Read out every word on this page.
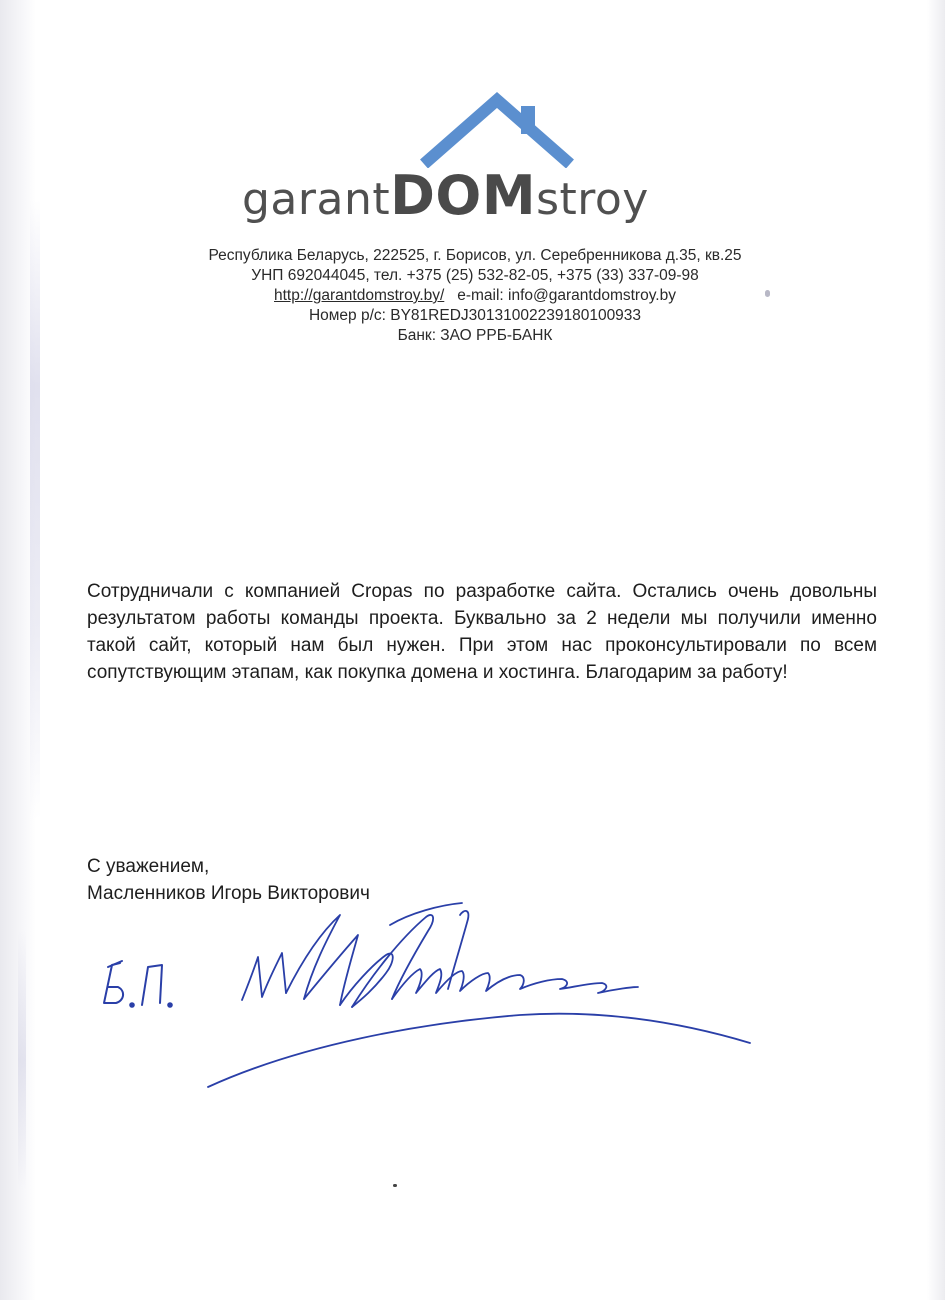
garantDOMstroy
Республика Беларусь, 222525, г. Борисов, ул. Серебренникова д.35, кв.25
УНП 692044045, тел. +375 (25) 532-82-05, +375 (33) 337-09-98
http://garantdomstroy.by/ e-mail: info@garantdomstroy.by
Номер р/с: BY81REDJ30131002239180100933
Банк: ЗАО РРБ-БАНК
Сотрудничали с компанией Cropas по разработке сайта. Остались очень довольны результатом работы команды проекта. Буквально за 2 недели мы получили именно такой сайт, который нам был нужен. При этом нас проконсультировали по всем сопутствующим этапам, как покупка домена и хостинга. Благодарим за работу!
С уважением,
Масленников Игорь Викторович
